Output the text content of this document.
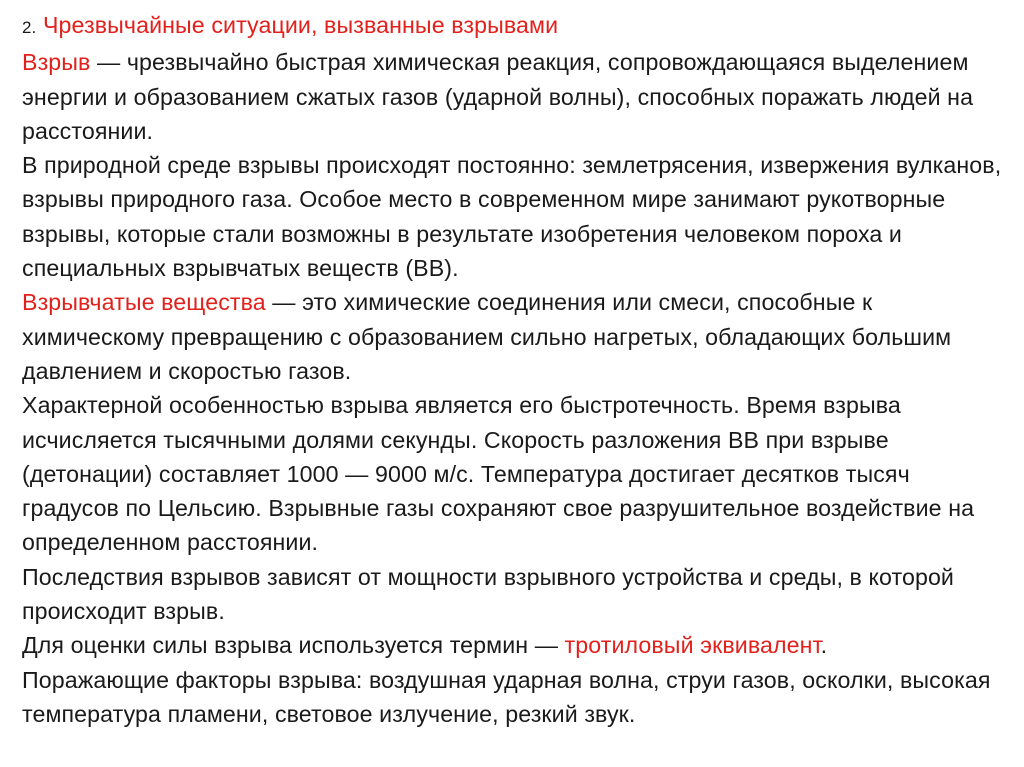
2. Чрезвычайные ситуации, вызванные взрывами

Взрыв — чрезвычайно быстрая химическая реакция, сопровождающаяся выделением энергии и образованием сжатых газов (ударной волны), способных поражать людей на расстоянии.

В природной среде взрывы происходят постоянно: землетрясения, извержения вулканов, взрывы природного газа. Особое место в современном мире занимают рукотворные взрывы, которые стали возможны в результате изобретения человеком пороха и специальных взрывчатых веществ (ВВ).

Взрывчатые вещества — это химические соединения или смеси, способные к химическому превращению с образованием сильно нагретых, обладающих большим давлением и скоростью газов.

Характерной особенностью взрыва является его быстротечность. Время взрыва исчисляется тысячными долями секунды. Скорость разложения ВВ при взрыве (детонации) составляет 1000 — 9000 м/с. Температура достигает десятков тысяч градусов по Цельсию. Взрывные газы сохраняют свое разрушительное воздействие на определенном расстоянии.

Последствия взрывов зависят от мощности взрывного устройства и среды, в которой происходит взрыв.

Для оценки силы взрыва используется термин — тротиловый эквивалент.

Поражающие факторы взрыва: воздушная ударная волна, струи газов, осколки, высокая температура пламени, световое излучение, резкий звук.
